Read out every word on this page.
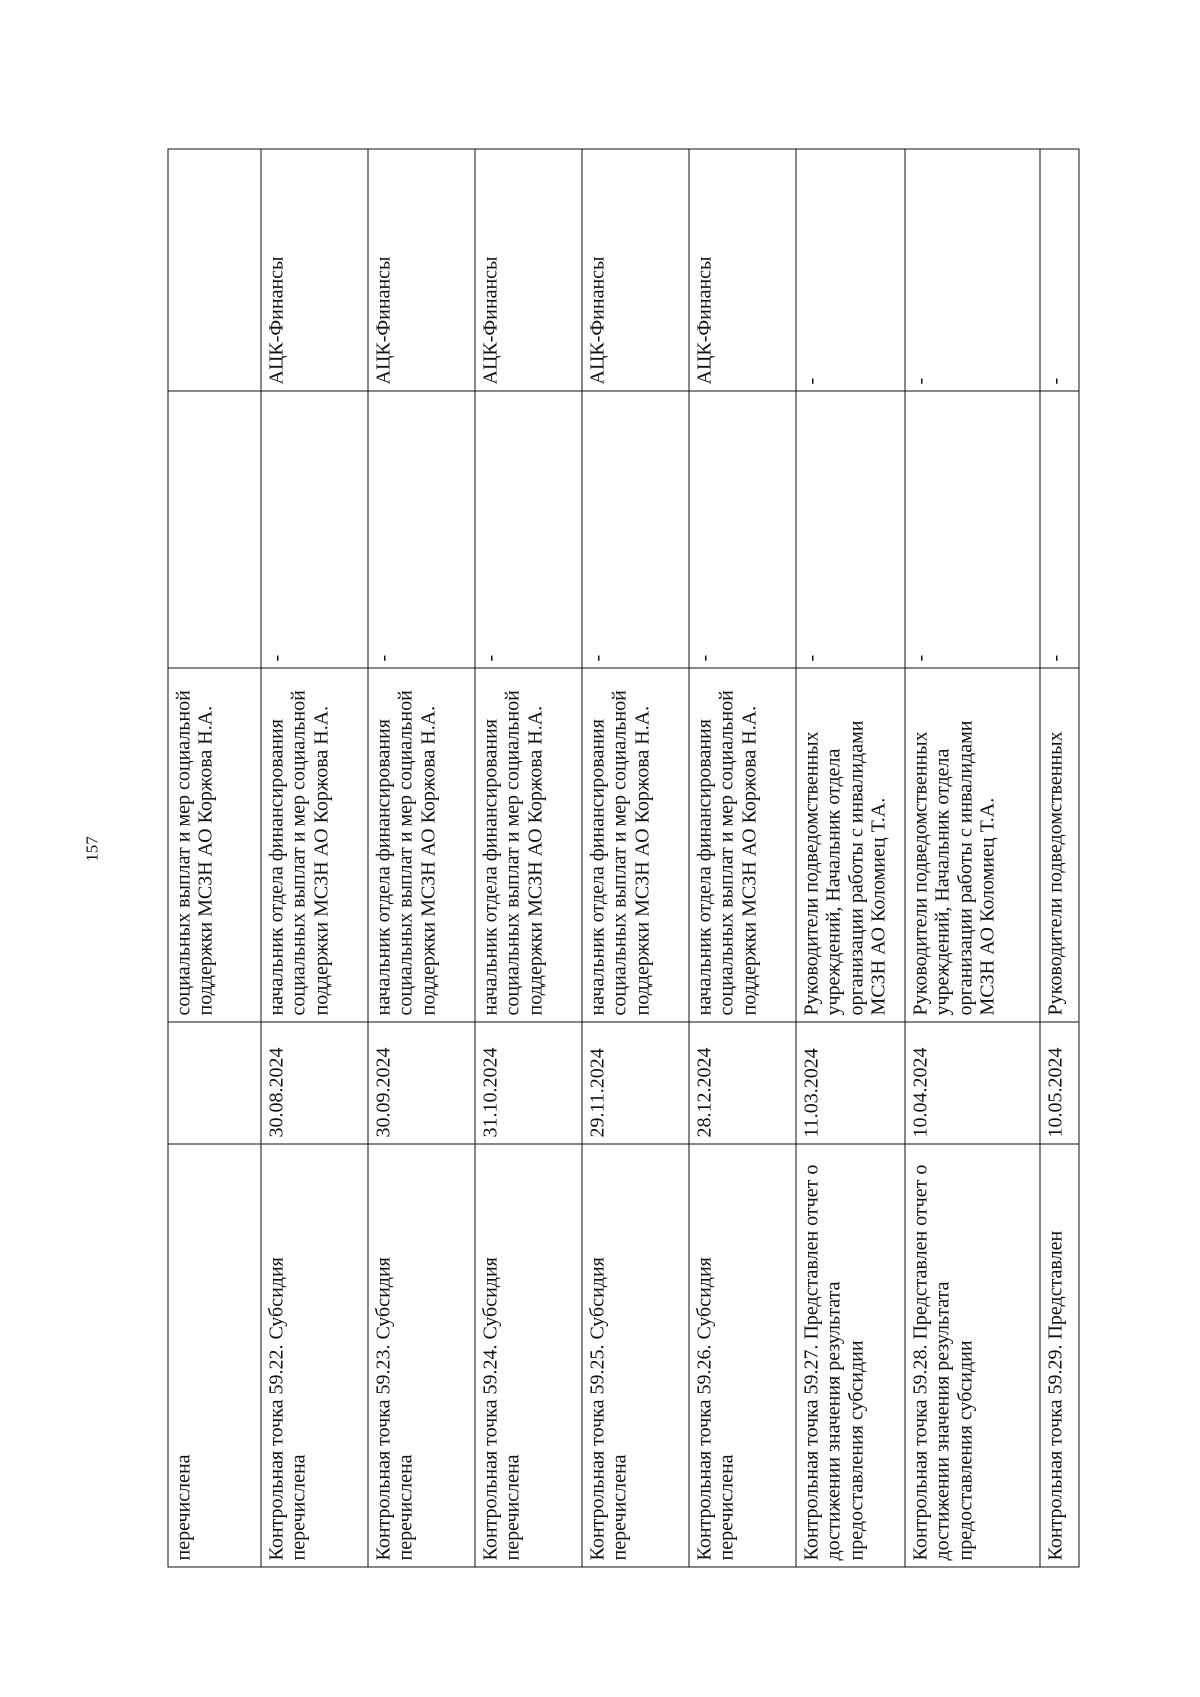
157
перечислена		социальных выплат и мер социальной поддержки МСЗН АО Коржова Н.А.		
Контрольная точка 59.22. Субсидия перечислена	30.08.2024	начальник отдела финансирования социальных выплат и мер социальной поддержки МСЗН АО Коржова Н.А.	-	АЦК-Финансы
Контрольная точка 59.23. Субсидия перечислена	30.09.2024	начальник отдела финансирования социальных выплат и мер социальной поддержки МСЗН АО Коржова Н.А.	-	АЦК-Финансы
Контрольная точка 59.24. Субсидия перечислена	31.10.2024	начальник отдела финансирования социальных выплат и мер социальной поддержки МСЗН АО Коржова Н.А.	-	АЦК-Финансы
Контрольная точка 59.25. Субсидия перечислена	29.11.2024	начальник отдела финансирования социальных выплат и мер социальной поддержки МСЗН АО Коржова Н.А.	-	АЦК-Финансы
Контрольная точка 59.26. Субсидия перечислена	28.12.2024	начальник отдела финансирования социальных выплат и мер социальной поддержки МСЗН АО Коржова Н.А.	-	АЦК-Финансы
Контрольная точка 59.27. Представлен отчет о достижении значения результата предоставления субсидии	11.03.2024	Руководители подведомственных учреждений, Начальник отдела организации работы с инвалидами МСЗН АО Коломиец Т.А.	-	-
Контрольная точка 59.28. Представлен отчет о достижении значения результата предоставления субсидии	10.04.2024	Руководители подведомственных учреждений, Начальник отдела организации работы с инвалидами МСЗН АО Коломиец Т.А.	-	-
Контрольная точка 59.29. Представлен	10.05.2024	Руководители подведомственных	-	-
